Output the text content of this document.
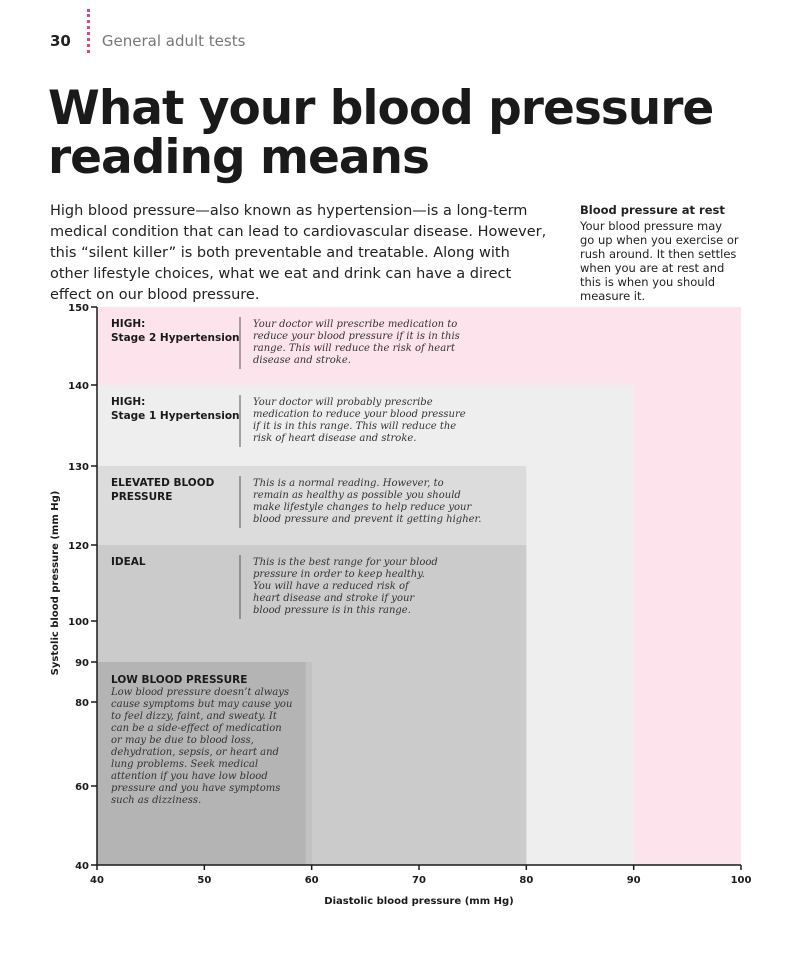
30 General adult tests
What your blood pressure reading means

High blood pressure—also known as hypertension—is a long-term medical condition that can lead to cardiovascular disease. However, this “silent killer” is both preventable and treatable. Along with other lifestyle choices, what we eat and drink can have a direct effect on our blood pressure.

Blood pressure at rest
Your blood pressure may go up when you exercise or rush around. It then settles when you are at rest and this is when you should measure it.
HIGH:
Stage 2 Hypertension
Your doctor will prescribe medication to
reduce your blood pressure if it is in this
range. This will reduce the risk of heart
disease and stroke.
HIGH:
Stage 1 Hypertension
Your doctor will probably prescribe
medication to reduce your blood pressure
if it is in this range. This will reduce the
risk of heart disease and stroke.
ELEVATED BLOOD
PRESSURE
This is a normal reading. However, to
remain as healthy as possible you should
make lifestyle changes to help reduce your
blood pressure and prevent it getting higher.
IDEAL	This is the best range for your blood
pressure in order to keep healthy.
You will have a reduced risk of
heart disease and stroke if your
blood pressure is in this range.
LOW BLOOD PRESSURE
Low blood pressure doesn’t always
cause symptoms but may cause you
to feel dizzy, faint, and sweaty. It
can be a side-effect of medication
or may be due to blood loss,
dehydration, sepsis, or heart and
lung problems. Seek medical
attention if you have low blood
pressure and you have symptoms
such as dizziness.
40
60
80
90
100
120
130
140
150
40	50	60	70	80	90	100
Diastolic blood pressure (mm Hg)
Systolic blood pressure (mm Hg)
